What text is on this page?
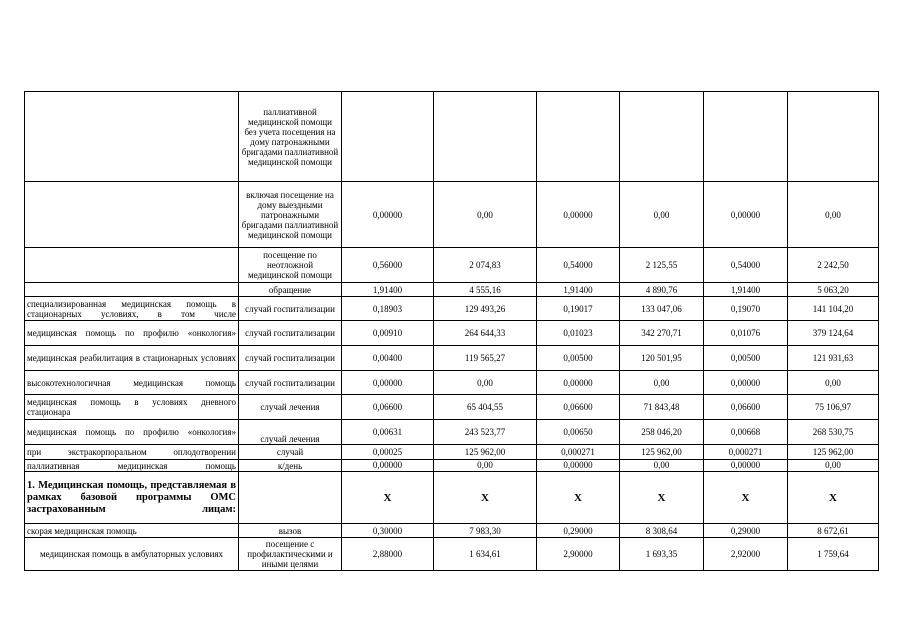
	паллиативной медицинской помощи без учета посещения на дому патронажными бригадами паллиативной медицинской помощи						
	включая посещение на дому выездными патронажными бригадами паллиативной медицинской помощи	0,00000	0,00	0,00000	0,00	0,00000	0,00
	посещение по неотложной медицинской помощи	0,56000	2 074,83	0,54000	2 125,55	0,54000	2 242,50
	обращение	1,91400	4 555,16	1,91400	4 890,76	1,91400	5 063,20
специализированная медицинская помощь в стационарных условиях, в том числе	случай госпитализации	0,18903	129 493,26	0,19017	133 047,06	0,19070	141 104,20
медицинская помощь по профилю «онкология»	случай госпитализации	0,00910	264 644,33	0,01023	342 270,71	0,01076	379 124,64
медицинская реабилитация в стационарных условиях	случай госпитализации	0,00400	119 565,27	0,00500	120 501,95	0,00500	121 931,63
высокотехнологичная медицинская помощь	случай госпитализации	0,00000	0,00	0,00000	0,00	0,00000	0,00
медицинская помощь в условиях дневного стационара	случай лечения	0,06600	65 404,55	0,06600	71 843,48	0,06600	75 106,97
медицинская помощь по профилю «онкология»	случай лечения	0,00631	243 523,77	0,00650	258 046,20	0,00668	268 530,75
при экстракорпоральном оплодотворении	случай	0,00025	125 962,00	0,000271	125 962,00	0,000271	125 962,00
паллиативная медицинская помощь	к/день	0,00000	0,00	0,00000	0,00	0,00000	0,00
1. Медицинская помощь, представляемая в рамках базовой программы ОМС застрахованным лицам:		X	X	X	X	X	X
скорая медицинская помощь	вызов	0,30000	7 983,30	0,29000	8 308,64	0,29000	8 672,61
медицинская помощь в амбулаторных условиях	посещение с профилактическими и иными целями	2,88000	1 634,61	2,90000	1 693,35	2,92000	1 759,64
